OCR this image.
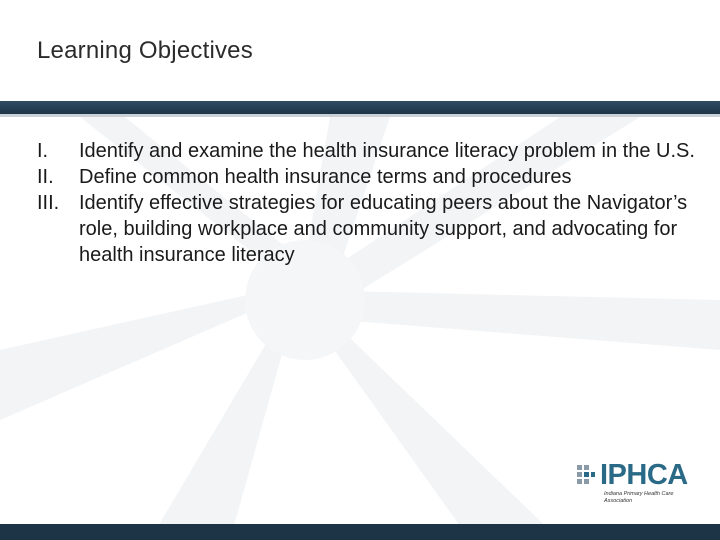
Learning Objectives
I. Identify and examine the health insurance literacy problem in the U.S.
II. Define common health insurance terms and procedures
III. Identify effective strategies for educating peers about the Navigator’s role, building workplace and community support, and advocating for health insurance literacy
IPHCA
Indiana Primary Health Care Association
